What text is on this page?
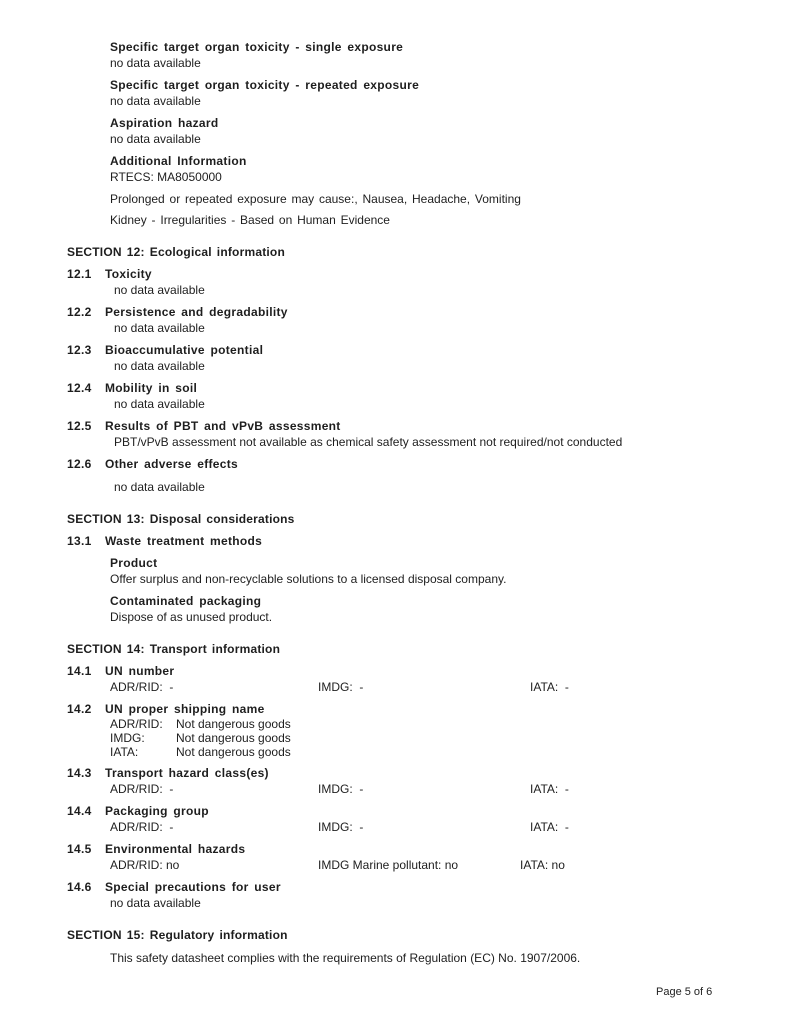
Specific target organ toxicity - single exposure
no data available
Specific target organ toxicity - repeated exposure
no data available
Aspiration hazard
no data available
Additional Information
RTECS: MA8050000

Prolonged or repeated exposure may cause:, Nausea, Headache, Vomiting

Kidney - Irregularities - Based on Human Evidence

SECTION 12: Ecological information
12.1	Toxicity
no data available
12.2	Persistence and degradability
no data available
12.3	Bioaccumulative potential
no data available
12.4	Mobility in soil
no data available
12.5	Results of PBT and vPvB assessment
PBT/vPvB assessment not available as chemical safety assessment not required/not conducted
12.6	Other adverse effects
no data available
SECTION 13: Disposal considerations
13.1	Waste treatment methods
Product
Offer surplus and non-recyclable solutions to a licensed disposal company.
Contaminated packaging
Dispose of as unused product.
SECTION 14: Transport information
14.1	UN number
ADR/RID:  -	IMDG:  -	IATA:  -
14.2	UN proper shipping name
ADR/RID:	Not dangerous goods
IMDG:	Not dangerous goods
IATA:	Not dangerous goods
14.3	Transport hazard class(es)
ADR/RID:  -	IMDG:  -	IATA:  -
14.4	Packaging group
ADR/RID:  -	IMDG:  -	IATA:  -
14.5	Environmental hazards
ADR/RID: no	IMDG Marine pollutant: no	IATA: no
14.6	Special precautions for user
no data available
SECTION 15: Regulatory information
This safety datasheet complies with the requirements of Regulation (EC) No. 1907/2006.
Page 5 of 6
